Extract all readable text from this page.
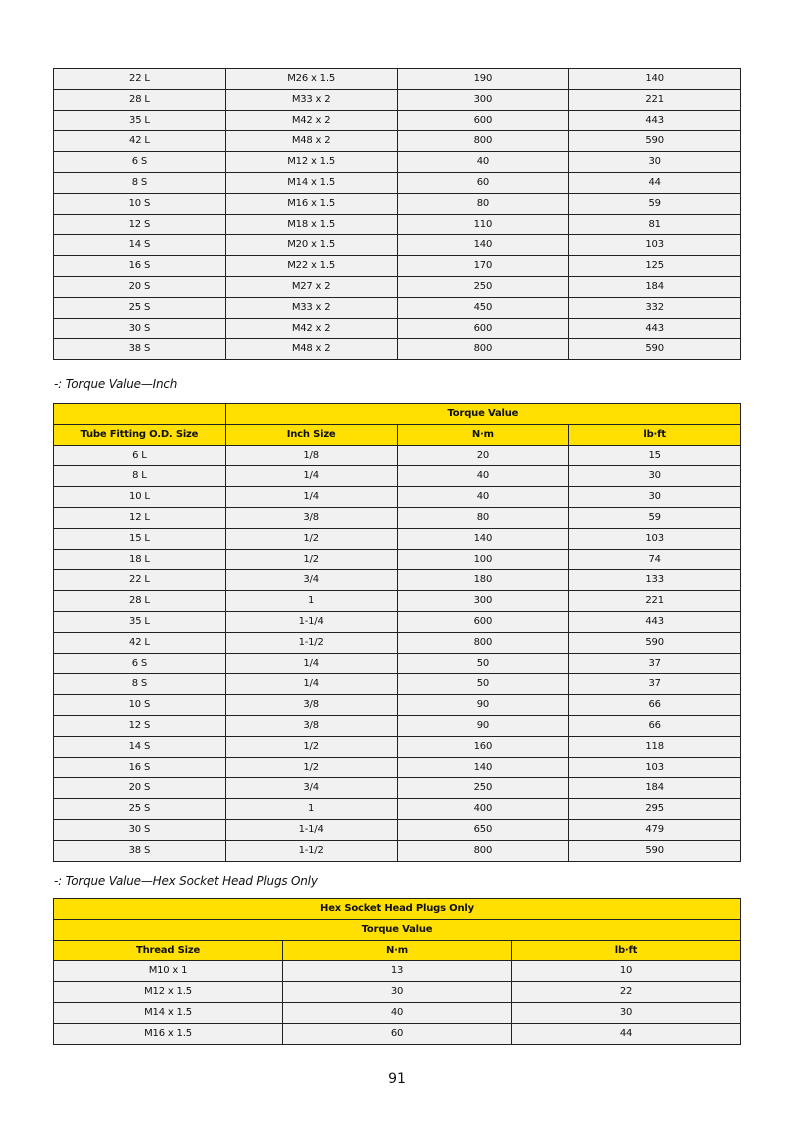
22 L	M26 x 1.5	190	140
28 L	M33 x 2	300	221
35 L	M42 x 2	600	443
42 L	M48 x 2	800	590
6 S	M12 x 1.5	40	30
8 S	M14 x 1.5	60	44
10 S	M16 x 1.5	80	59
12 S	M18 x 1.5	110	81
14 S	M20 x 1.5	140	103
16 S	M22 x 1.5	170	125
20 S	M27 x 2	250	184
25 S	M33 x 2	450	332
30 S	M42 x 2	600	443
38 S	M48 x 2	800	590
-: Torque Value—Inch
	Torque Value		
Tube Fitting O.D. Size	Inch Size	N·m	lb·ft
6 L	1/8	20	15
8 L	1/4	40	30
10 L	1/4	40	30
12 L	3/8	80	59
15 L	1/2	140	103
18 L	1/2	100	74
22 L	3/4	180	133
28 L	1	300	221
35 L	1-1/4	600	443
42 L	1-1/2	800	590
6 S	1/4	50	37
8 S	1/4	50	37
10 S	3/8	90	66
12 S	3/8	90	66
14 S	1/2	160	118
16 S	1/2	140	103
20 S	3/4	250	184
25 S	1	400	295
30 S	1-1/4	650	479
38 S	1-1/2	800	590
-: Torque Value—Hex Socket Head Plugs Only
Hex Socket Head Plugs Only		
Torque Value		
Thread Size	N·m	lb·ft
M10 x 1	13	10
M12 x 1.5	30	22
M14 x 1.5	40	30
M16 x 1.5	60	44
91
